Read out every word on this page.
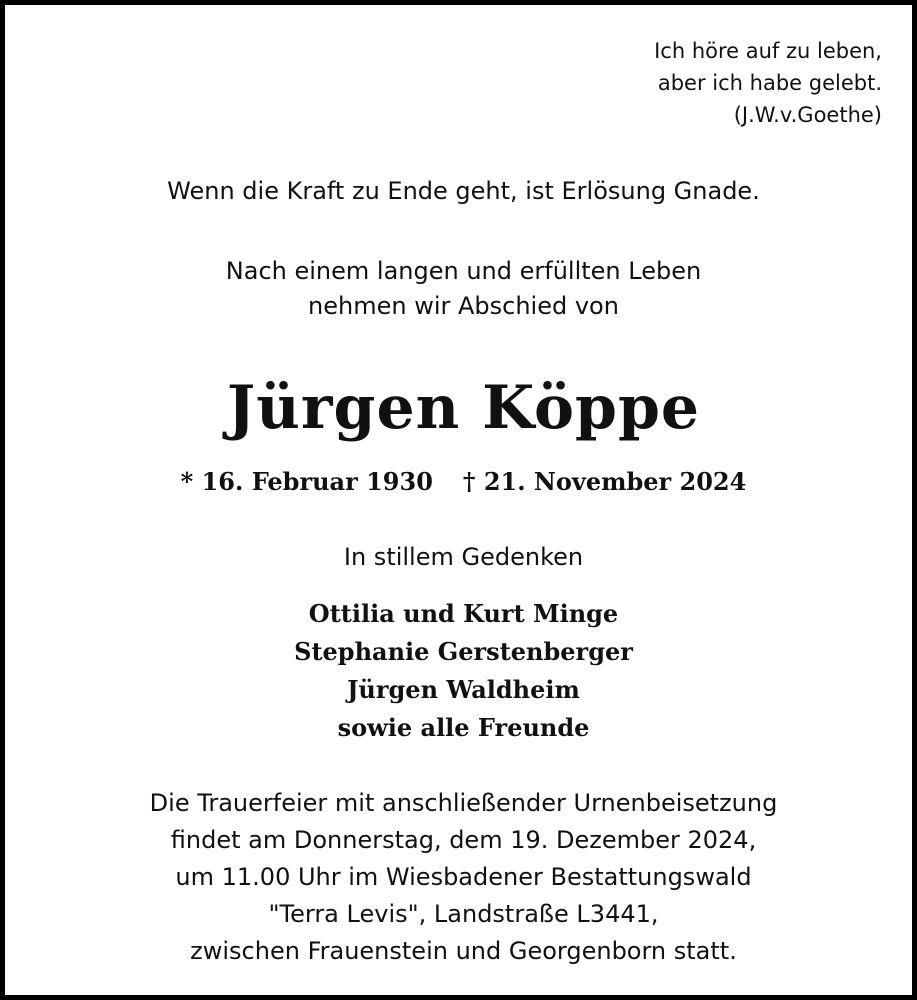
Ich höre auf zu leben,
aber ich habe gelebt.
(J.W.v.Goethe)
Wenn die Kraft zu Ende geht, ist Erlösung Gnade.
Nach einem langen und erfüllten Leben
nehmen wir Abschied von
Jürgen Köppe
* 16. Februar 1930 † 21. November 2024
In stillem Gedenken
Ottilia und Kurt Minge
Stephanie Gerstenberger
Jürgen Waldheim
sowie alle Freunde
Die Trauerfeier mit anschließender Urnenbeisetzung
findet am Donnerstag, dem 19. Dezember 2024,
um 11.00 Uhr im Wiesbadener Bestattungswald
"Terra Levis", Landstraße L3441,
zwischen Frauenstein und Georgenborn statt.
